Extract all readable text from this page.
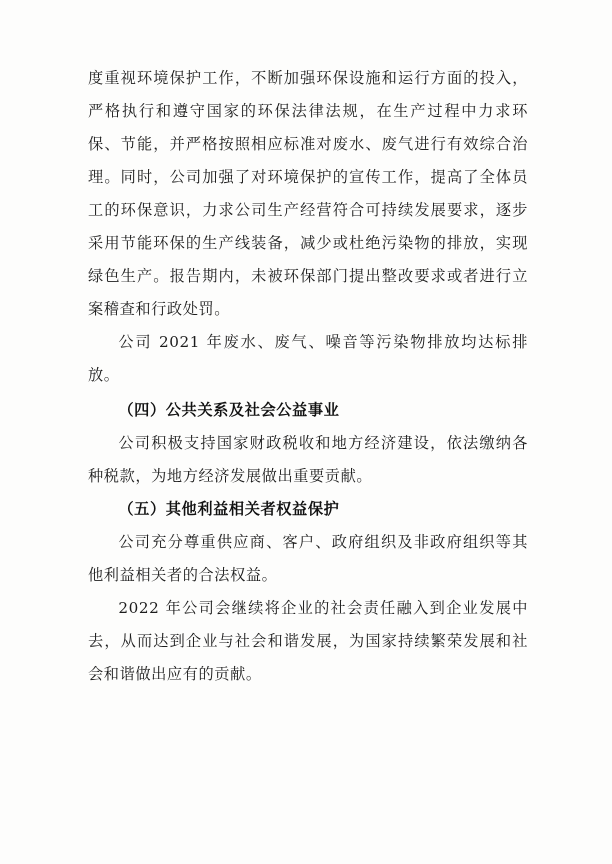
度重视环境保护工作，不断加强环保设施和运行方面的投入，严格执行和遵守国家的环保法律法规，在生产过程中力求环保、节能，并严格按照相应标准对废水、废气进行有效综合治理。同时，公司加强了对环境保护的宣传工作，提高了全体员工的环保意识，力求公司生产经营符合可持续发展要求，逐步采用节能环保的生产线装备，减少或杜绝污染物的排放，实现绿色生产。报告期内，未被环保部门提出整改要求或者进行立案稽查和行政处罚。

公司 2021 年废水、废气、噪音等污染物排放均达标排放。

（四）公共关系及社会公益事业

公司积极支持国家财政税收和地方经济建设，依法缴纳各种税款，为地方经济发展做出重要贡献。

（五）其他利益相关者权益保护

公司充分尊重供应商、客户、政府组织及非政府组织等其他利益相关者的合法权益。

2022 年公司会继续将企业的社会责任融入到企业发展中去，从而达到企业与社会和谐发展，为国家持续繁荣发展和社会和谐做出应有的贡献。
